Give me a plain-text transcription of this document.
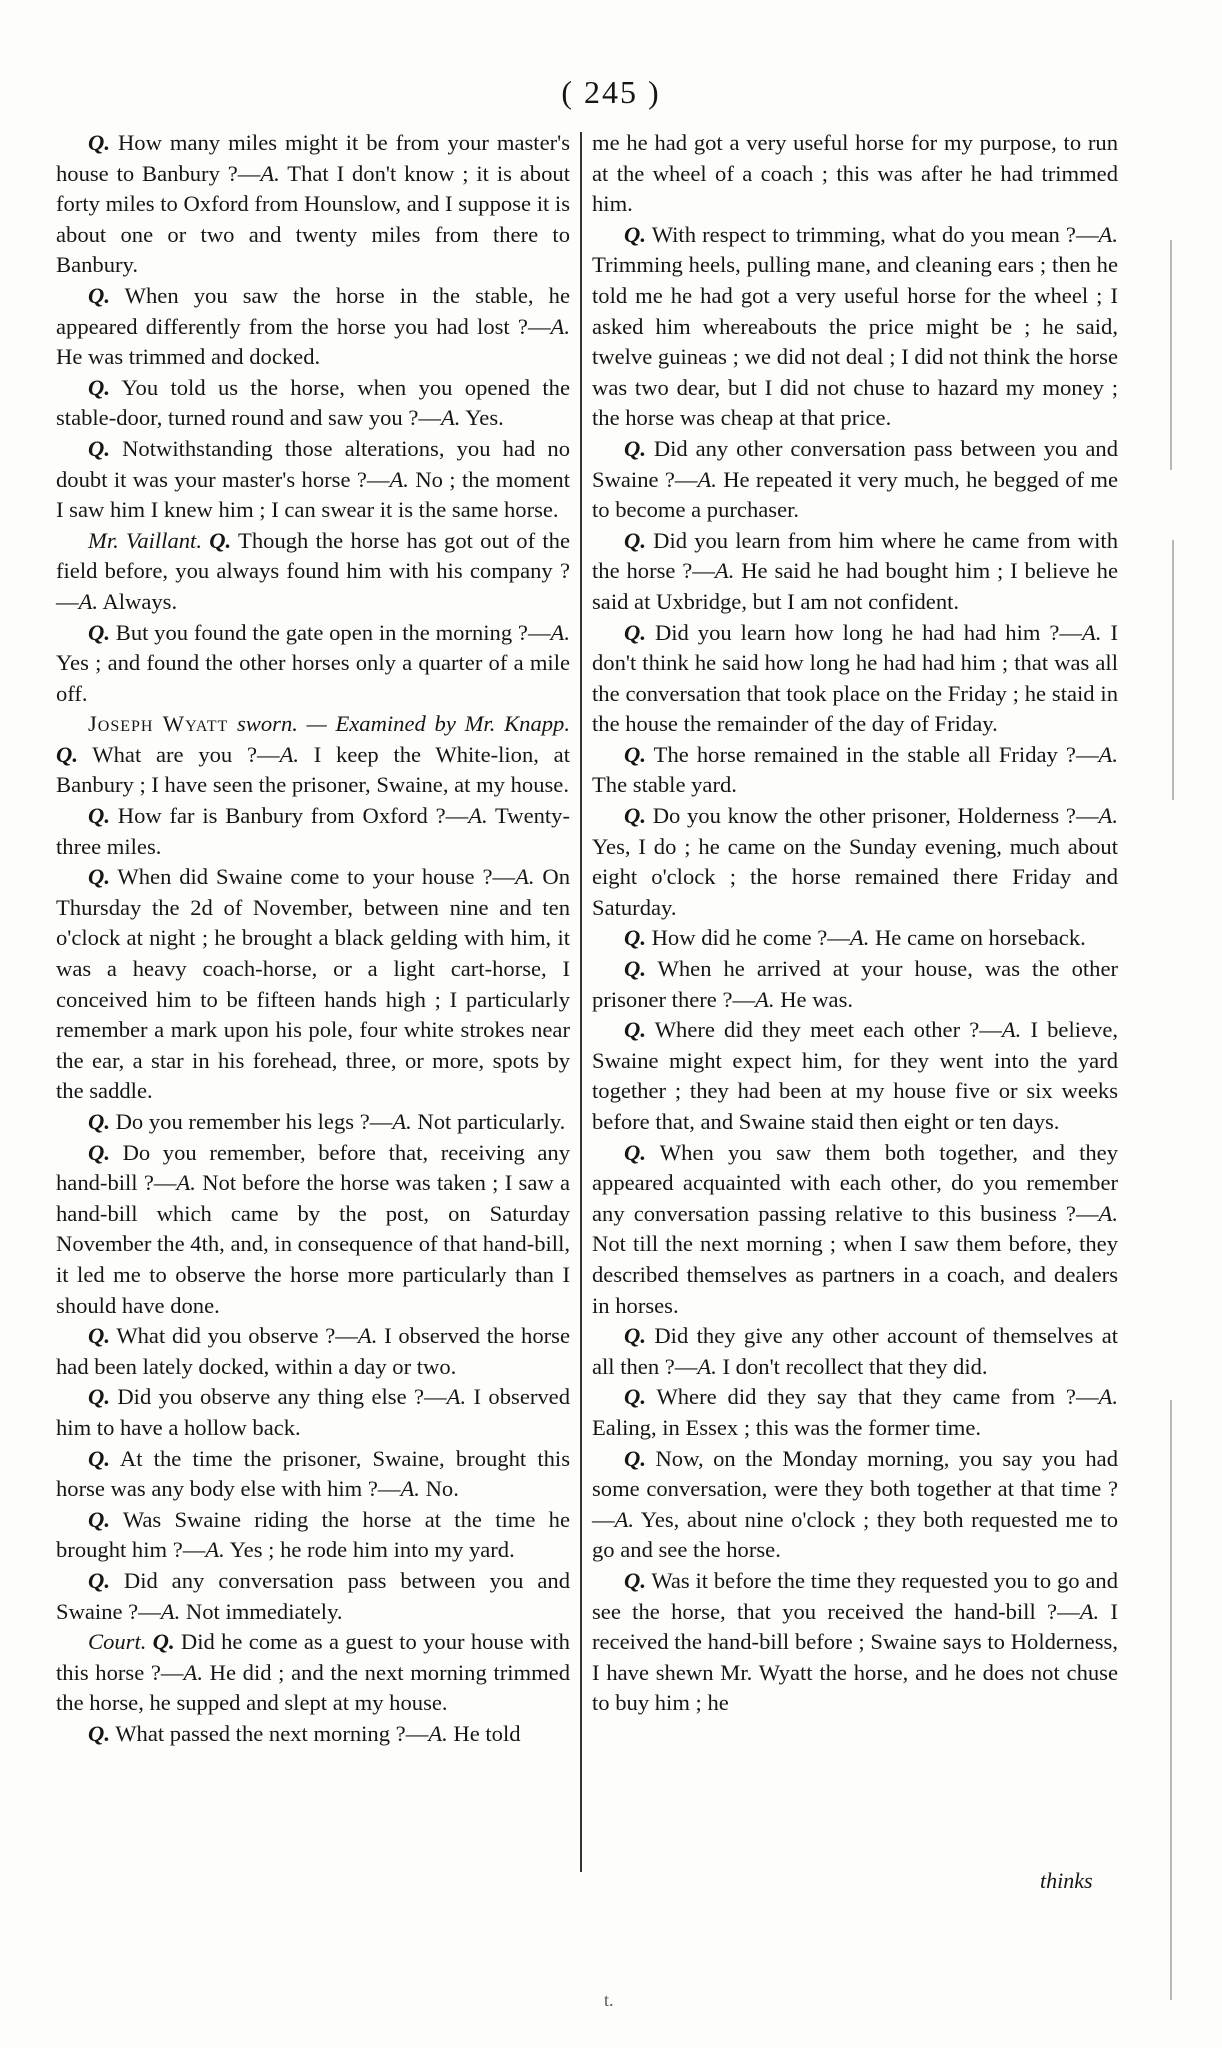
( 245 )

Q. How many miles might it be from your master's house to Banbury ?—A. That I don't know ; it is about forty miles to Oxford from Hounslow, and I suppose it is about one or two and twenty miles from there to Banbury.

Q. When you saw the horse in the stable, he appeared differently from the horse you had lost ?—A. He was trimmed and docked.

Q. You told us the horse, when you opened the stable-door, turned round and saw you ?—A. Yes.

Q. Notwithstanding those alterations, you had no doubt it was your master's horse ?—A. No ; the moment I saw him I knew him ; I can swear it is the same horse.

Mr. Vaillant. Q. Though the horse has got out of the field before, you always found him with his company ?—A. Always.

Q. But you found the gate open in the morning ?—A. Yes ; and found the other horses only a quarter of a mile off.

Joseph Wyatt sworn. — Examined by Mr. Knapp. Q. What are you ?—A. I keep the White-lion, at Banbury ; I have seen the prisoner, Swaine, at my house.

Q. How far is Banbury from Oxford ?—A. Twenty-three miles.

Q. When did Swaine come to your house ?—A. On Thursday the 2d of November, between nine and ten o'clock at night ; he brought a black gelding with him, it was a heavy coach-horse, or a light cart-horse, I conceived him to be fifteen hands high ; I particularly remember a mark upon his pole, four white strokes near the ear, a star in his forehead, three, or more, spots by the saddle.

Q. Do you remember his legs ?—A. Not particularly.

Q. Do you remember, before that, receiving any hand-bill ?—A. Not before the horse was taken ; I saw a hand-bill which came by the post, on Saturday November the 4th, and, in consequence of that hand-bill, it led me to observe the horse more particularly than I should have done.

Q. What did you observe ?—A. I observed the horse had been lately docked, within a day or two.

Q. Did you observe any thing else ?—A. I observed him to have a hollow back.

Q. At the time the prisoner, Swaine, brought this horse was any body else with him ?—A. No.

Q. Was Swaine riding the horse at the time he brought him ?—A. Yes ; he rode him into my yard.

Q. Did any conversation pass between you and Swaine ?—A. Not immediately.

Court. Q. Did he come as a guest to your house with this horse ?—A. He did ; and the next morning trimmed the horse, he supped and slept at my house.

Q. What passed the next morning ?—A. He told

me he had got a very useful horse for my purpose, to run at the wheel of a coach ; this was after he had trimmed him.

Q. With respect to trimming, what do you mean ?—A. Trimming heels, pulling mane, and cleaning ears ; then he told me he had got a very useful horse for the wheel ; I asked him whereabouts the price might be ; he said, twelve guineas ; we did not deal ; I did not think the horse was two dear, but I did not chuse to hazard my money ; the horse was cheap at that price.

Q. Did any other conversation pass between you and Swaine ?—A. He repeated it very much, he begged of me to become a purchaser.

Q. Did you learn from him where he came from with the horse ?—A. He said he had bought him ; I believe he said at Uxbridge, but I am not confident.

Q. Did you learn how long he had had him ?—A. I don't think he said how long he had had him ; that was all the conversation that took place on the Friday ; he staid in the house the remainder of the day of Friday.

Q. The horse remained in the stable all Friday ?—A. The stable yard.

Q. Do you know the other prisoner, Holderness ?—A. Yes, I do ; he came on the Sunday evening, much about eight o'clock ; the horse remained there Friday and Saturday.

Q. How did he come ?—A. He came on horseback.

Q. When he arrived at your house, was the other prisoner there ?—A. He was.

Q. Where did they meet each other ?—A. I believe, Swaine might expect him, for they went into the yard together ; they had been at my house five or six weeks before that, and Swaine staid then eight or ten days.

Q. When you saw them both together, and they appeared acquainted with each other, do you remember any conversation passing relative to this business ?—A. Not till the next morning ; when I saw them before, they described themselves as partners in a coach, and dealers in horses.

Q. Did they give any other account of themselves at all then ?—A. I don't recollect that they did.

Q. Where did they say that they came from ?—A. Ealing, in Essex ; this was the former time.

Q. Now, on the Monday morning, you say you had some conversation, were they both together at that time ?—A. Yes, about nine o'clock ; they both requested me to go and see the horse.

Q. Was it before the time they requested you to go and see the horse, that you received the hand-bill ?—A. I received the hand-bill before ; Swaine says to Holderness, I have shewn Mr. Wyatt the horse, and he does not chuse to buy him ; he

thinks
t.
